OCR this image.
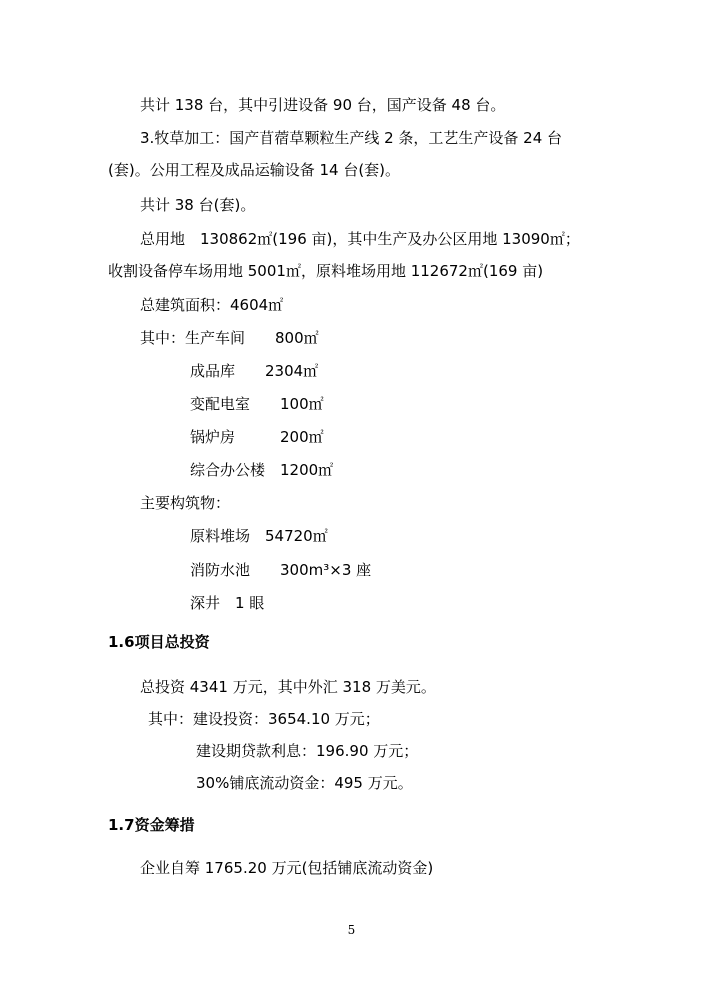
共计 138 台，其中引进设备 90 台，国产设备 48 台。
3.牧草加工：国产苜蓿草颗粒生产线 2 条，工艺生产设备 24 台
(套)。公用工程及成品运输设备 14 台(套)。
共计 38 台(套)。
总用地　130862㎡(196 亩)，其中生产及办公区用地 13090㎡；
收割设备停车场用地 5001㎡，原料堆场用地 112672㎡(169 亩)
总建筑面积：4604㎡
其中：生产车间　　800㎡
成品库　　2304㎡
变配电室　　100㎡
锅炉房　　　200㎡
综合办公楼　1200㎡
主要构筑物：
原料堆场　54720㎡
消防水池　　300m³×3 座
深井　1 眼
1.6项目总投资
总投资 4341 万元，其中外汇 318 万美元。
其中：建设投资：3654.10 万元；
建设期贷款利息：196.90 万元；
30%铺底流动资金：495 万元。
1.7资金筹措
企业自筹 1765.20 万元(包括铺底流动资金)
5
